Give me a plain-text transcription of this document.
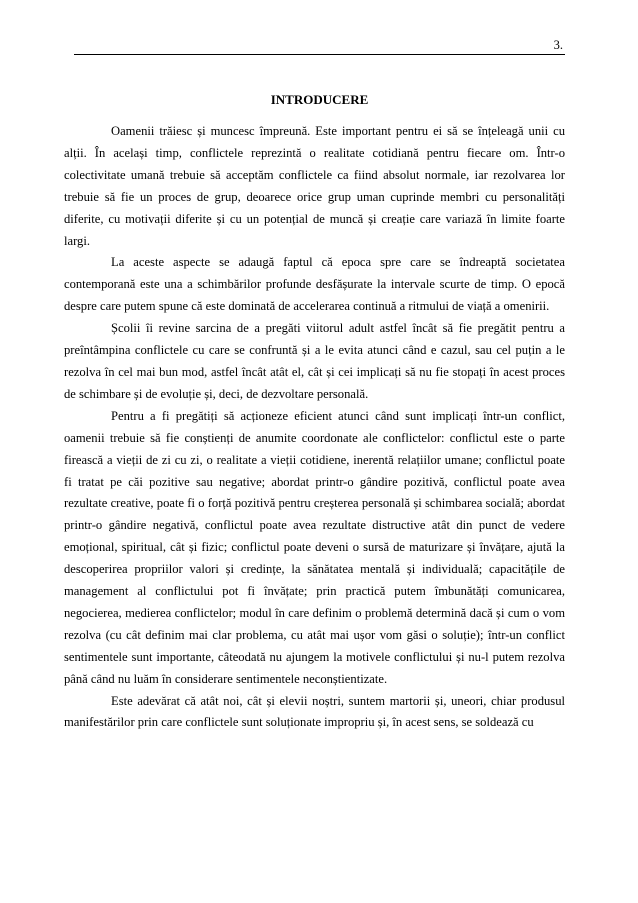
3.
INTRODUCERE

Oamenii trăiesc și muncesc împreună. Este important pentru ei să se înțeleagă unii cu alții. În același timp, conflictele reprezintă o realitate cotidiană pentru fiecare om. Într-o colectivitate umană trebuie să acceptăm conflictele ca fiind absolut normale, iar rezolvarea lor trebuie să fie un proces de grup, deoarece orice grup uman cuprinde membri cu personalități diferite, cu motivații diferite și cu un potențial de muncă și creație care variază în limite foarte largi.

La aceste aspecte se adaugă faptul că epoca spre care se îndreaptă societatea contemporană este una a schimbărilor profunde desfășurate la intervale scurte de timp. O epocă despre care putem spune că este dominată de accelerarea continuă a ritmului de viață a omenirii.

Școlii îi revine sarcina de a pregăti viitorul adult astfel încât să fie pregătit pentru a preîntâmpina conflictele cu care se confruntă și a le evita atunci când e cazul, sau cel puțin a le rezolva în cel mai bun mod, astfel încât atât el, cât și cei implicați să nu fie stopați în acest proces de schimbare și de evoluție și, deci, de dezvoltare personală.

Pentru a fi pregătiți să acționeze eficient atunci când sunt implicați într-un conflict, oamenii trebuie să fie conștienți de anumite coordonate ale conflictelor: conflictul este o parte firească a vieții de zi cu zi, o realitate a vieții cotidiene, inerentă relațiilor umane; conflictul poate fi tratat pe căi pozitive sau negative; abordat printr-o gândire pozitivă, conflictul poate avea rezultate creative, poate fi o forță pozitivă pentru creșterea personală și schimbarea socială; abordat printr-o gândire negativă, conflictul poate avea rezultate distructive atât din punct de vedere emoțional, spiritual, cât și fizic; conflictul poate deveni o sursă de maturizare și învățare, ajută la descoperirea propriilor valori și credințe, la sănătatea mentală și individuală; capacitățile de management al conflictului pot fi învățate; prin practică putem îmbunătăți comunicarea, negocierea, medierea conflictelor; modul în care definim o problemă determină dacă și cum o vom rezolva (cu cât definim mai clar problema, cu atât mai ușor vom găsi o soluție); într-un conflict sentimentele sunt importante, câteodată nu ajungem la motivele conflictului și nu-l putem rezolva până când nu luăm în considerare sentimentele neconștientizate.

Este adevărat că atât noi, cât și elevii noștri, suntem martorii și, uneori, chiar produsul manifestărilor prin care conflictele sunt soluționate impropriu și, în acest sens, se soldează cu
